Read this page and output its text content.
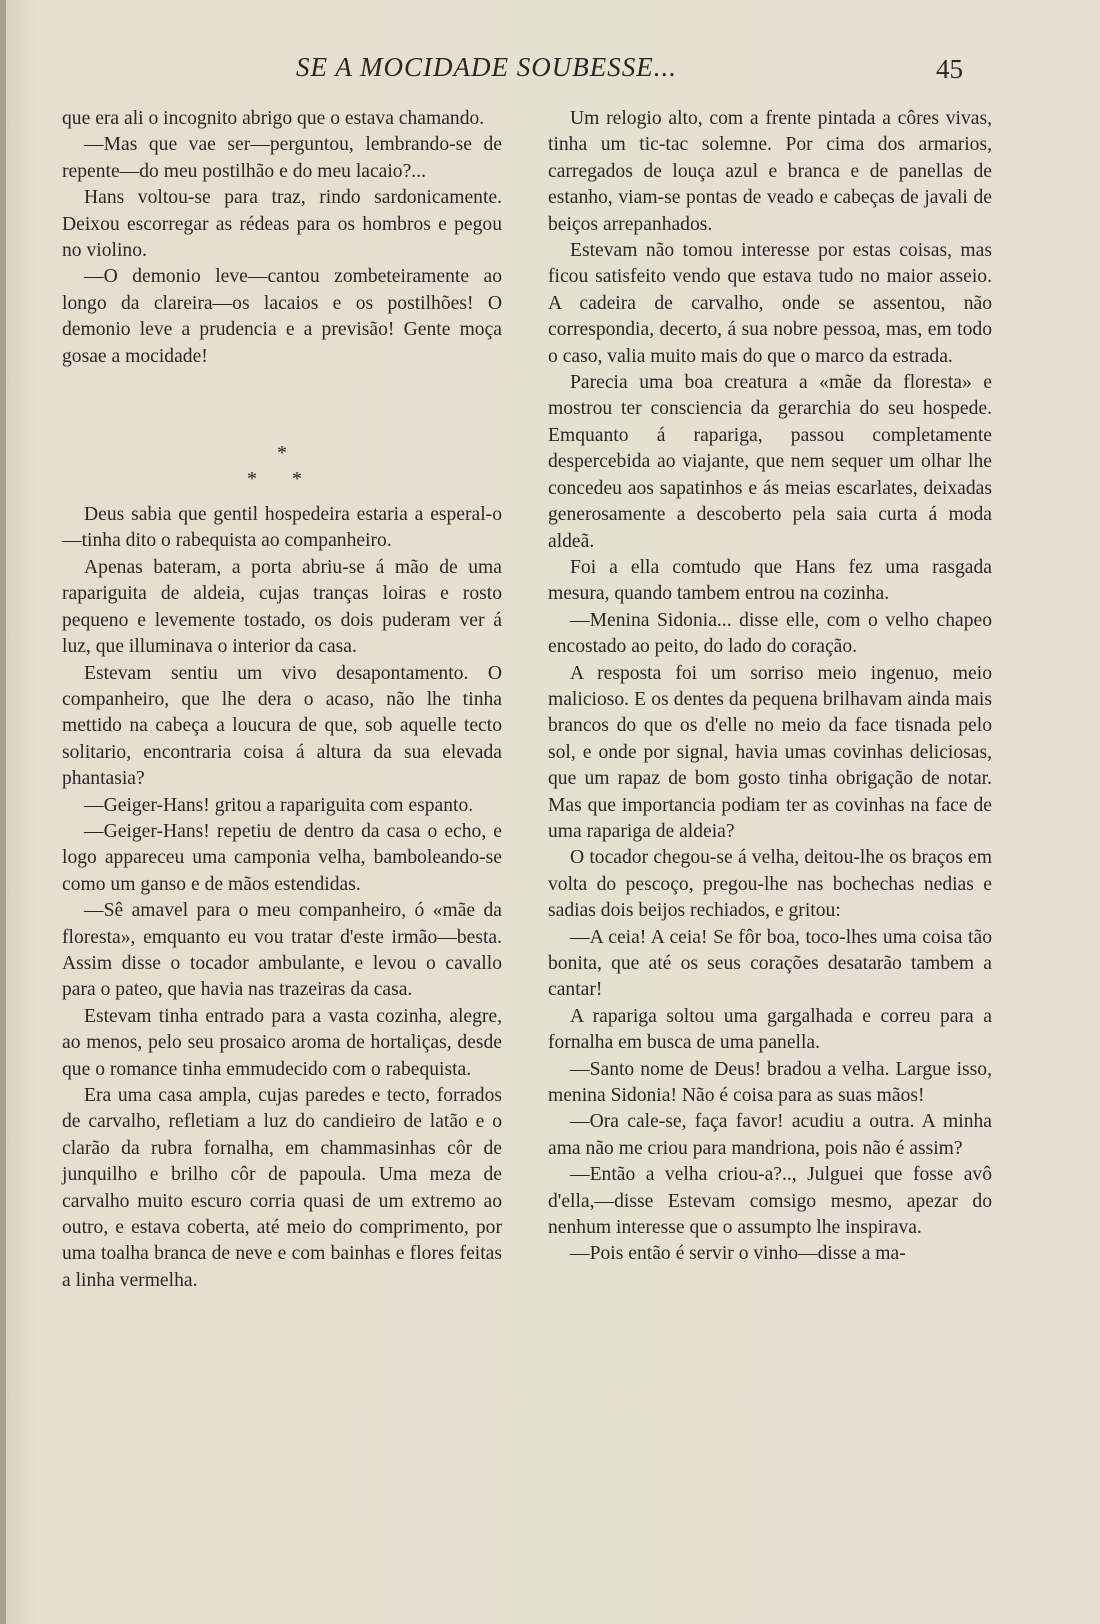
SE A MOCIDADE SOUBESSE...	45

que era ali o incognito abrigo que o estava chamando.

—Mas que vae ser—perguntou, lembrando-se de repente—do meu postilhão e do meu lacaio?...

Hans voltou-se para traz, rindo sardonicamente. Deixou escorregar as rédeas para os hombros e pegou no violino.

—O demonio leve—cantou zombeteiramente ao longo da clareira—os lacaios e os postilhões! O demonio leve a prudencia e a previsão! Gente moça gosae a mocidade!

*
* *

Deus sabia que gentil hospedeira estaria a esperal-o—tinha dito o rabequista ao companheiro.

Apenas bateram, a porta abriu-se á mão de uma rapariguita de aldeia, cujas tranças loiras e rosto pequeno e levemente tostado, os dois puderam ver á luz, que illuminava o interior da casa.

Estevam sentiu um vivo desapontamento. O companheiro, que lhe dera o acaso, não lhe tinha mettido na cabeça a loucura de que, sob aquelle tecto solitario, encontraria coisa á altura da sua elevada phantasia?

—Geiger-Hans! gritou a rapariguita com espanto.

—Geiger-Hans! repetiu de dentro da casa o echo, e logo appareceu uma camponia velha, bamboleando-se como um ganso e de mãos estendidas.

—Sê amavel para o meu companheiro, ó «mãe da floresta», emquanto eu vou tratar d'este irmão—besta. Assim disse o tocador ambulante, e levou o cavallo para o pateo, que havia nas trazeiras da casa.

Estevam tinha entrado para a vasta cozinha, alegre, ao menos, pelo seu prosaico aroma de hortaliças, desde que o romance tinha emmudecido com o rabequista.

Era uma casa ampla, cujas paredes e tecto, forrados de carvalho, refletiam a luz do candieiro de latão e o clarão da rubra fornalha, em chammasinhas côr de junquilho e brilho côr de papoula. Uma meza de carvalho muito escuro corria quasi de um extremo ao outro, e estava coberta, até meio do comprimento, por uma toalha branca de neve e com bainhas e flores feitas a linha vermelha.

Um relogio alto, com a frente pintada a côres vivas, tinha um tic-tac solemne. Por cima dos armarios, carregados de louça azul e branca e de panellas de estanho, viam-se pontas de veado e cabeças de javali de beiços arrepanhados.

Estevam não tomou interesse por estas coisas, mas ficou satisfeito vendo que estava tudo no maior asseio. A cadeira de carvalho, onde se assentou, não correspondia, decerto, á sua nobre pessoa, mas, em todo o caso, valia muito mais do que o marco da estrada.

Parecia uma boa creatura a «mãe da floresta» e mostrou ter consciencia da gerarchia do seu hospede. Emquanto á rapariga, passou completamente despercebida ao viajante, que nem sequer um olhar lhe concedeu aos sapatinhos e ás meias escarlates, deixadas generosamente a descoberto pela saia curta á moda aldeã.

Foi a ella comtudo que Hans fez uma rasgada mesura, quando tambem entrou na cozinha.

—Menina Sidonia... disse elle, com o velho chapeo encostado ao peito, do lado do coração.

A resposta foi um sorriso meio ingenuo, meio malicioso. E os dentes da pequena brilhavam ainda mais brancos do que os d'elle no meio da face tisnada pelo sol, e onde por signal, havia umas covinhas deliciosas, que um rapaz de bom gosto tinha obrigação de notar. Mas que importancia podiam ter as covinhas na face de uma rapariga de aldeia?

O tocador chegou-se á velha, deitou-lhe os braços em volta do pescoço, pregou-lhe nas bochechas nedias e sadias dois beijos rechiados, e gritou:

—A ceia! A ceia! Se fôr boa, toco-lhes uma coisa tão bonita, que até os seus corações desatarão tambem a cantar!

A rapariga soltou uma gargalhada e correu para a fornalha em busca de uma panella.

—Santo nome de Deus! bradou a velha. Largue isso, menina Sidonia! Não é coisa para as suas mãos!

—Ora cale-se, faça favor! acudiu a outra. A minha ama não me criou para mandriona, pois não é assim?

—Então a velha criou-a?.., Julguei que fosse avô d'ella,—disse Estevam comsigo mesmo, apezar do nenhum interesse que o assumpto lhe inspirava.

—Pois então é servir o vinho—disse a ma-
